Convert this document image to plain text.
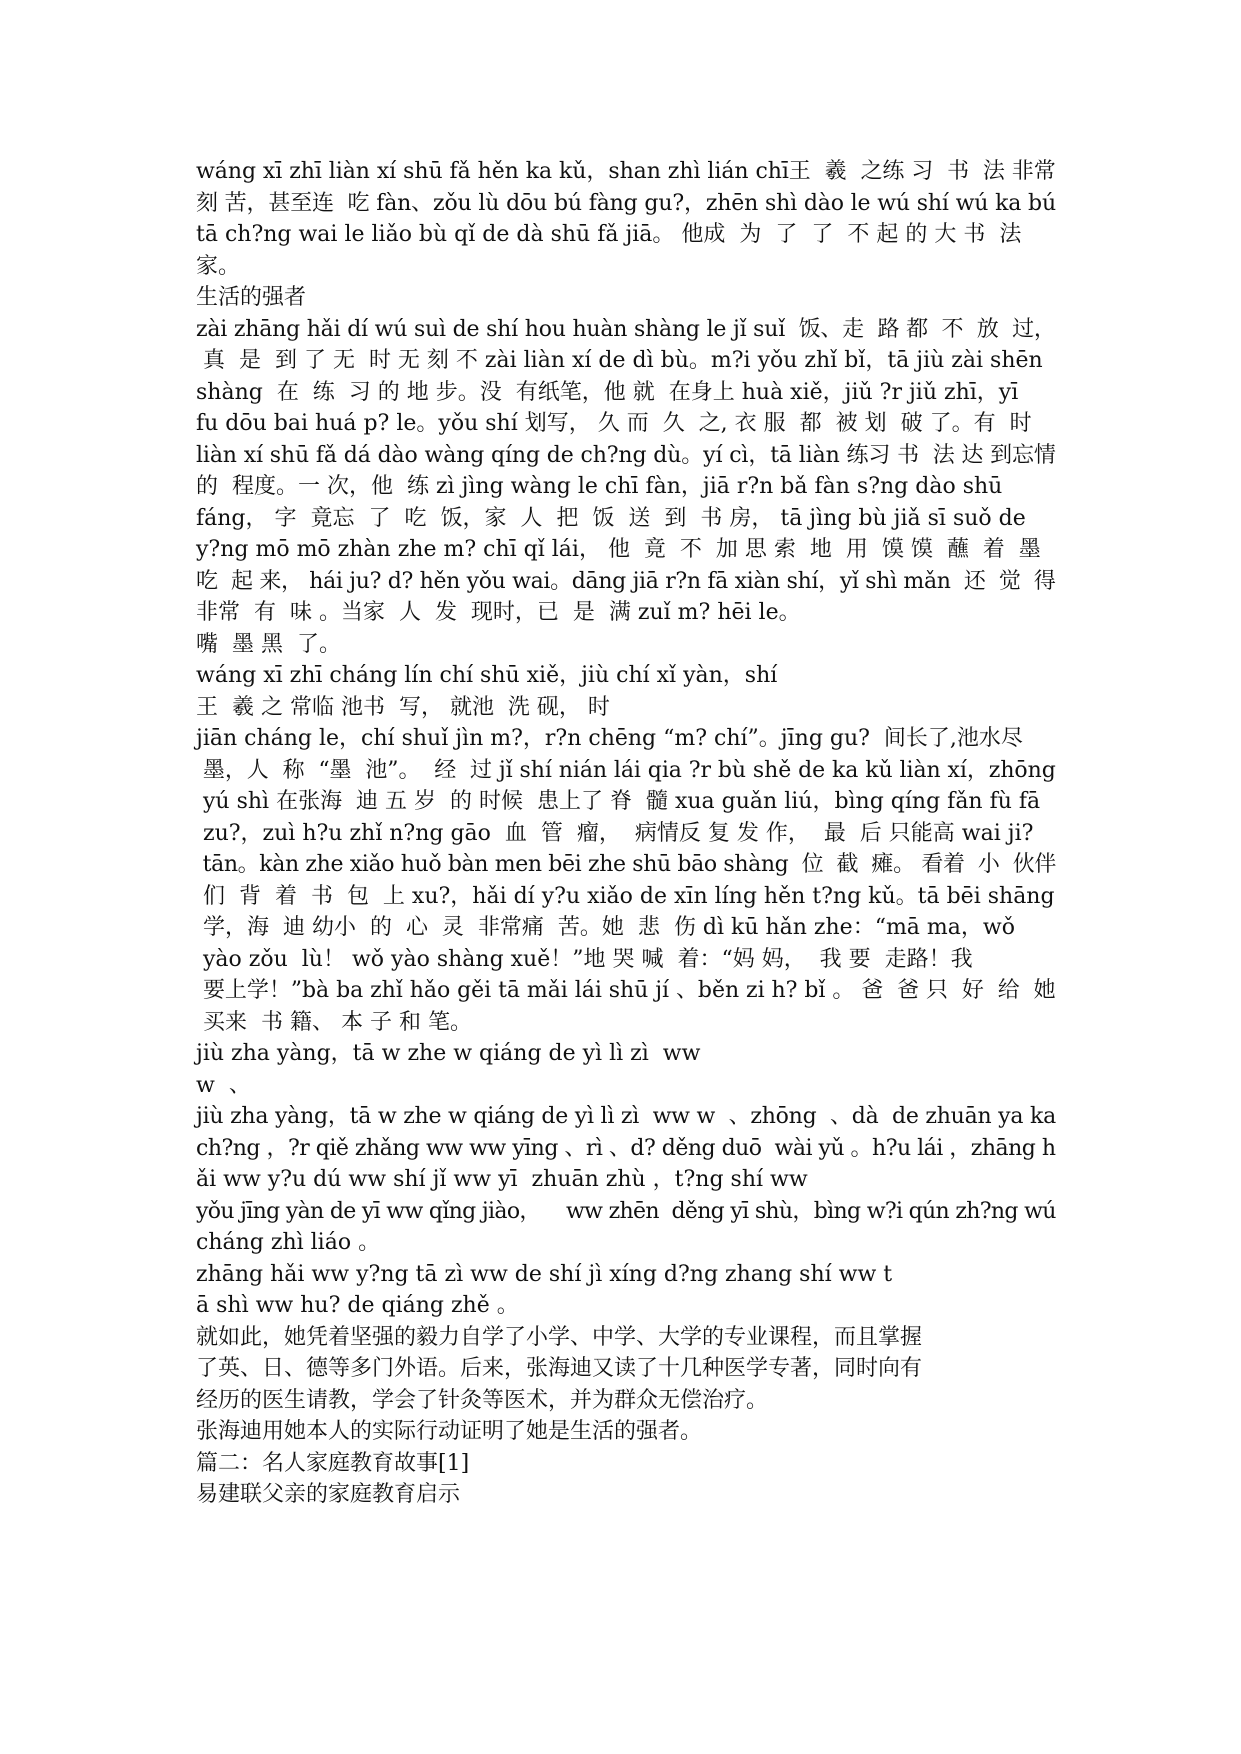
wáng xī zhī liàn xí shū fǎ hěn ka kǔ，shan zhì lián chī王  羲  之练 习  书  法 非常
刻 苦，甚至连  吃 fàn、zǒu lù dōu bú fàng gu?，zhēn shì dào le wú shí wú ka bú
tā ch?ng wai le liǎo bù qǐ de dà shū fǎ jiā。 他成  为  了  了  不 起 的 大 书  法
家。
生活的强者
zài zhāng hǎi dí wú suì de shí hou huàn shàng le jǐ suǐ  饭、走  路 都  不  放  过，
真  是  到 了 无  时 无 刻 不 zài liàn xí de dì bù。m?i yǒu zhǐ bǐ，tā jiù zài shēn
shàng  在  练  习 的 地 步。没  有纸笔，他 就  在身上 huà xiě，jiǔ ?r jiǔ zhī，yī
fu dōu bai huá p? le。yǒu shí 划写， 久 而  久  之, 衣 服  都  被 划  破 了。有  时
liàn xí shū fǎ dá dào wàng qíng de ch?ng dù。yí cì，tā liàn 练习 书  法 达 到忘情
的  程度。一 次，他  练 zì jìng wàng le chī fàn，jiā r?n bǎ fàn s?ng dào shū
fáng， 字  竟忘  了  吃  饭，家  人  把  饭  送  到  书 房， tā jìng bù jiǎ sī suǒ de
y?ng mō mō zhàn zhe m? chī qǐ lái， 他  竟  不  加 思 索  地  用  馍 馍  蘸  着  墨
吃  起 来， hái ju? d? hěn yǒu wai。dāng jiā r?n fā xiàn shí，yǐ shì mǎn  还  觉  得
非常  有  味 。当家  人  发  现时，已  是  满 zuǐ m? hēi le。
嘴  墨 黑  了。
wáng xī zhī cháng lín chí shū xiě，jiù chí xǐ yàn，shí
王  羲 之 常临 池书  写， 就池  洗 砚， 时
jiān cháng le，chí shuǐ jìn m?，r?n chēng “m? chí”。jīng gu?  间长了,池水尽
墨，人  称  “墨  池”。  经  过 jǐ shí nián lái qia ?r bù shě de ka kǔ liàn xí，zhōng
yú shì 在张海  迪 五 岁  的 时候  患上了 脊  髓 xua guǎn liú，bìng qíng fǎn fù fā
zu?，zuì h?u zhǐ n?ng gāo  血  管  瘤，  病情反 复 发 作，  最  后 只能高 wai ji?
tān。kàn zhe xiǎo huǒ bàn men bēi zhe shū bāo shàng  位  截  瘫。 看着  小  伙伴
们  背  着  书  包  上 xu?，hǎi dí y?u xiǎo de xīn líng hěn t?ng kǔ。tā bēi shāng
学，海  迪 幼小  的  心  灵  非常痛  苦。她  悲  伤 dì kū hǎn zhe：“mā ma，wǒ
yào zǒu  lù！ wǒ yào shàng xuě！”地 哭 喊  着：“妈 妈，  我 要  走路！我
要上学！”bà ba zhǐ hǎo gěi tā mǎi lái shū jí 、běn zi h? bǐ 。 爸  爸 只  好  给  她
买来  书 籍、 本 子 和 笔。
jiù zha yàng，tā w zhe w qiáng de yì lì zì  ww
w  、
jiù zha yàng，tā w zhe w qiáng de yì lì zì  ww w  、zhōng  、dà  de zhuān ya ka
ch?ng ，?r qiě zhǎng ww ww yīng 、rì 、d? děng duō  wài yǔ 。h?u lái ，zhāng h
ǎi ww y?u dú ww shí jǐ ww yī  zhuān zhù ，t?ng shí ww
yǒu jīng yàn de yī ww qǐng jiào，    ww zhēn  děng yī shù，bìng w?i qún zh?ng wú
cháng zhì liáo 。
zhāng hǎi ww y?ng tā zì ww de shí jì xíng d?ng zhang shí ww t
ā shì ww hu? de qiáng zhě 。
就如此，她凭着坚强的毅力自学了小学、中学、大学的专业课程，而且掌握
了英、日、德等多门外语。后来，张海迪又读了十几种医学专著，同时向有
经历的医生请教，学会了针灸等医术，并为群众无偿治疗。
张海迪用她本人的实际行动证明了她是生活的强者。
篇二：名人家庭教育故事[1]
易建联父亲的家庭教育启示
